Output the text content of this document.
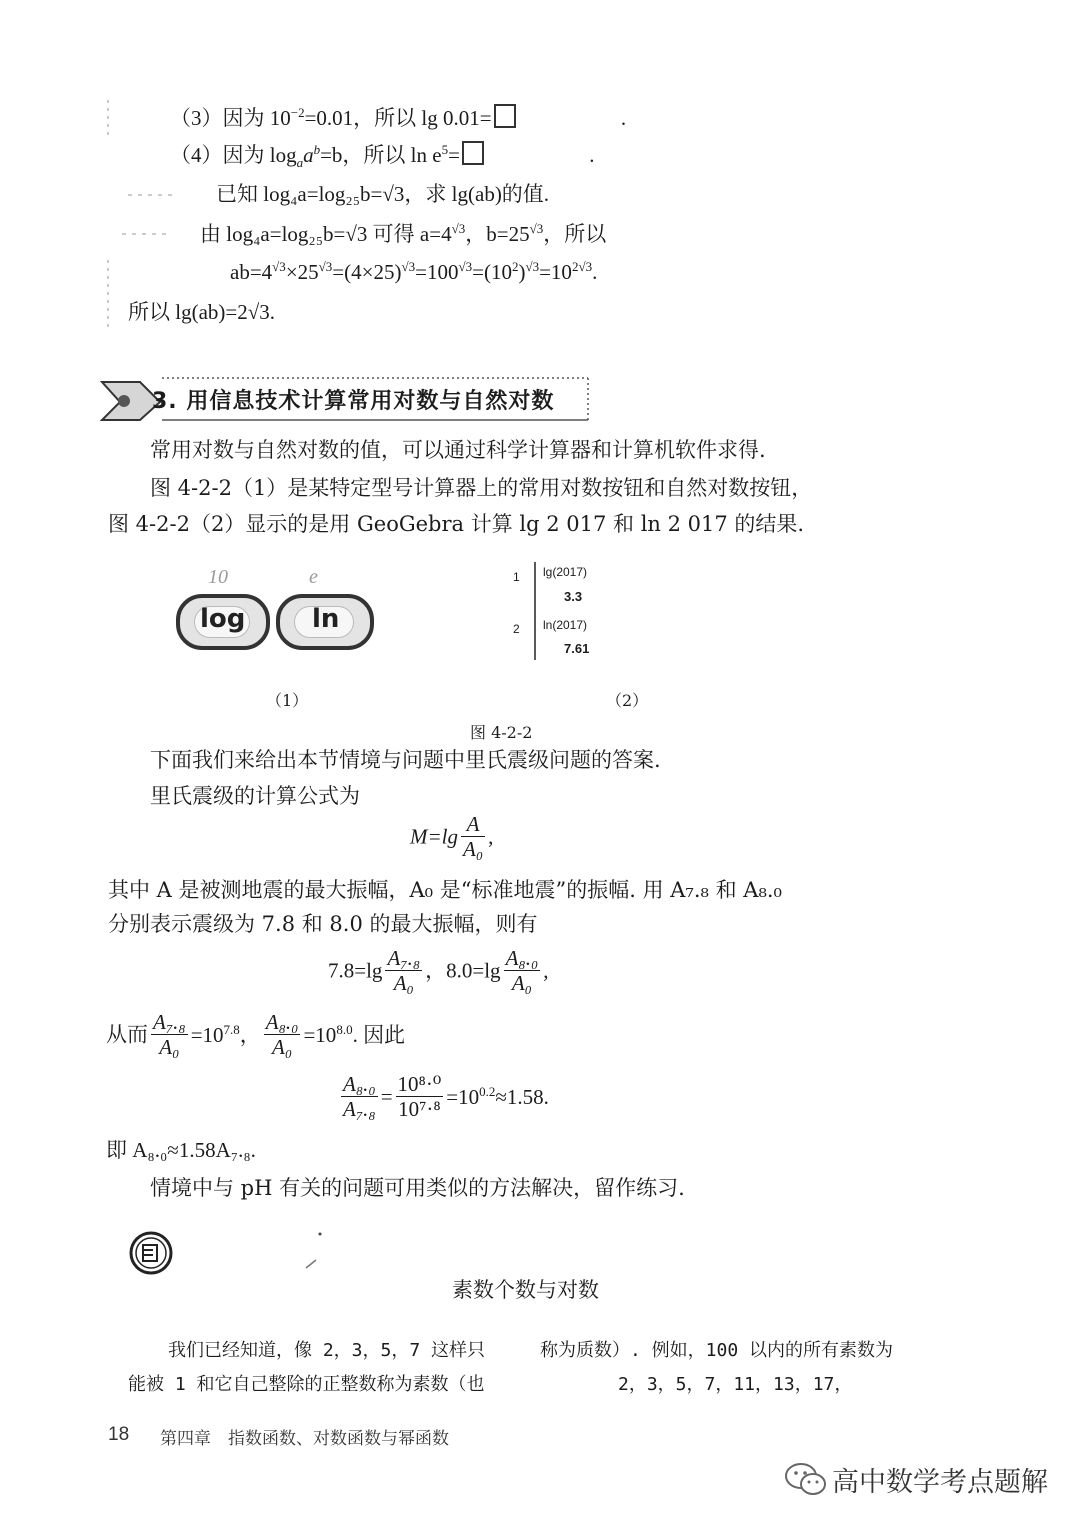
（3）因为 $10^{-2}=0.01$，所以 lg 0.01=	.
（4）因为 $\log_aa^b=b$，所以 $\ln e^5=$	.
已知 log₄a=log₂₅b=√3，求 lg(ab)的值.
由 log₄a=log₂₅b=√3 可得 $a=4^{√3}$，$b=25^{√3}$，所以
$ab=4^{√3}\times 25^{√3}=(4\times 25)^{√3}=100^{√3}=(10^2)^{√3}=10^{2√3}$.
所以 lg(ab)=2√3.
3. 用信息技术计算常用对数与自然对数
常用对数与自然对数的值，可以通过科学计算器和计算机软件求得.
图 4-2-2（1）是某特定型号计算器上的常用对数按钮和自然对数按钮，
图 4-2-2（2）显示的是用 GeoGebra 计算 lg 2 017 和 ln 2 017 的结果.
10
log
e
ln
1 lg(2017)
3.3
2 ln(2017)
7.61
（1）	（2）
图 4-2-2
下面我们来给出本节情境与问题中里氏震级问题的答案.
里氏震级的计算公式为
$M=\lg \frac{A}{\text{A₀}}$ ,
其中 A 是被测地震的最大振幅，A₀ 是“标准地震”的振幅. 用 A₇.₈ 和 A₈.₀
分别表示震级为 7.8 和 8.0 的最大振幅，则有
$7.8=\lg \frac{\text{A₇.₈}}{\text{A₀}}$ ，$8.0=\lg \frac{\text{A₈.₀}}{\text{A₀}}$ ,
从而 $\frac{\text{A₇.₈}}{\text{A₀}} =10^{7.8}$， $\frac{\text{A₈.₀}}{\text{A₀}} =10^{8.0}$. 因此
$\frac{\text{A₈.₀}}{\text{A₇.₈}} = \frac{\text{10⁸·⁰}}{\text{10⁷·⁸}} =10^{0.2}\approx 1.58$.
即 A₈.₀≈1.58A₇.₈.
情境中与 pH 有关的问题可用类似的方法解决，留作练习.
素数个数与对数
我们已经知道，像 2，3，5，7 这样只
能被 1 和它自己整除的正整数称为素数（也
称为质数）. 例如，100 以内的所有素数为
2，3，5，7，11，13，17，
18 第四章　指数函数、对数函数与幂函数
高中数学考点题解
